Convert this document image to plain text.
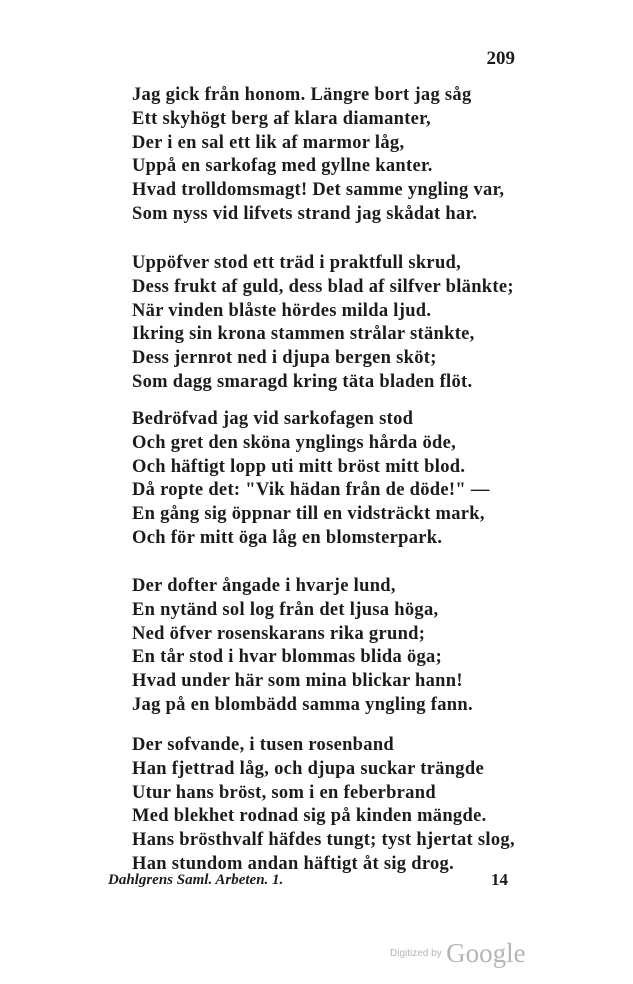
209
Jag gick från honom. Längre bort jag såg
Ett skyhögt berg af klara diamanter,
Der i en sal ett lik af marmor låg,
Uppå en sarkofag med gyllne kanter.
Hvad trolldomsmagt! Det samme yngling var,
Som nyss vid lifvets strand jag skådat har.
Uppöfver stod ett träd i praktfull skrud,
Dess frukt af guld, dess blad af silfver blänkte;
När vinden blåste hördes milda ljud.
Ikring sin krona stammen strålar stänkte,
Dess jernrot ned i djupa bergen sköt;
Som dagg smaragd kring täta bladen flöt.
Bedröfvad jag vid sarkofagen stod
Och gret den sköna ynglings hårda öde,
Och häftigt lopp uti mitt bröst mitt blod.
Då ropte det: "Vik hädan från de döde!" —
En gång sig öppnar till en vidsträckt mark,
Och för mitt öga låg en blomsterpark.
Der dofter ångade i hvarje lund,
En nytänd sol log från det ljusa höga,
Ned öfver rosenskarans rika grund;
En tår stod i hvar blommas blida öga;
Hvad under här som mina blickar hann!
Jag på en blombädd samma yngling fann.
Der sofvande, i tusen rosenband
Han fjettrad låg, och djupa suckar trängde
Utur hans bröst, som i en feberbrand
Med blekhet rodnad sig på kinden mängde.
Hans brösthvalf häfdes tungt; tyst hjertat slog,
Han stundom andan häftigt åt sig drog.
Dahlgrens Saml. Arbeten. 1.	14
Digitized by Google
